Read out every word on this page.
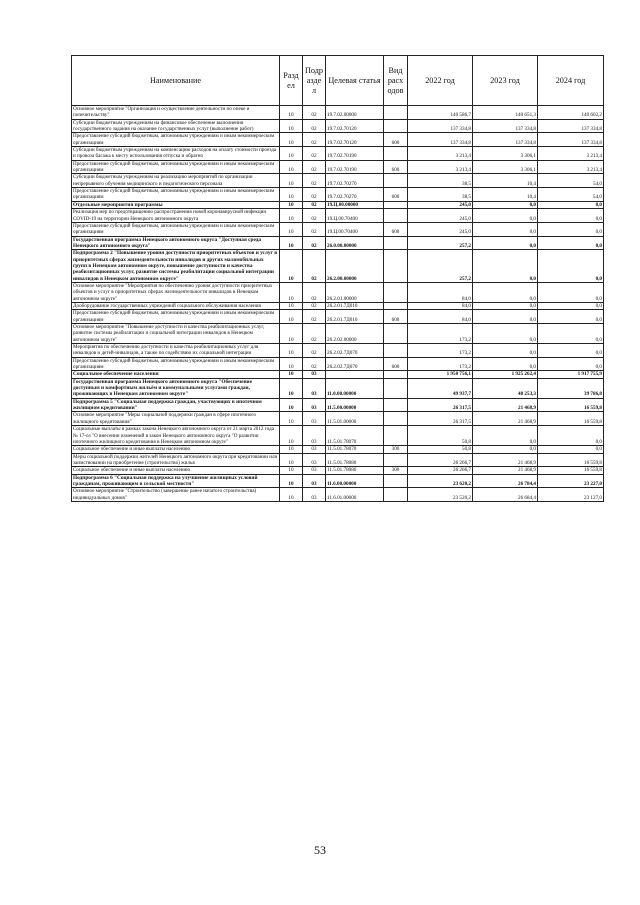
Наименование	Разд ел	Подр азде л	Целевая статья	Вид расх одов	2022 год	2023 год	2024 год
Основное мероприятие "Организация и осуществление деятельности по опеке и попечительству"	10	02	19.7.02.00000		140 586,7	140 651,3	140 602,2
Субсидии бюджетным учреждениям на финансовое обеспечение выполнения государственного задания на оказание государственных услуг (выполнение работ)	10	02	19.7.02.70120		137 334,8	137 334,8	137 334,8
Предоставление субсидий бюджетным, автономным учреждениям и иным некоммерческим организациям	10	02	19.7.02.70120	600	137 334,8	137 334,8	137 334,8
Субсидии бюджетным учреждениям на компенсацию расходов на оплату стоимости проезда и провоза багажа к месту использования отпуска и обратно	10	02	19.7.02.70190		3 213,4	3 306,1	3 213,4
Предоставление субсидий бюджетным, автономным учреждениям и иным некоммерческим организациям	10	02	19.7.02.70190	600	3 213,4	3 306,1	3 213,4
Субсидии бюджетным учреждениям на реализацию мероприятий по организации непрерывного обучения медицинского и педагогического персонала	10	02	19.7.02.70270		38,5	10,4	54,0
Предоставление субсидий бюджетным, автономным учреждениям и иным некоммерческим организациям	10	02	19.7.02.70270	600	38,5	10,4	54,0
Отдельные мероприятия программы	10	02	19.Ц.00.00000		245,0	0,0	0,0
Реализация мер по предотвращению распространения новой коронавирусной инфекции COVID-19 на территории Ненецкого автономного округа	10	02	19.Ц.00.70400		245,0	0,0	0,0
Предоставление субсидий бюджетным, автономным учреждениям и иным некоммерческим организациям	10	02	19.Ц.00.70400	600	245,0	0,0	0,0
Государственная программа Ненецкого автономного округа "Доступная среда Ненецкого автономного округа"	10	02	26.0.00.00000		257,2	0,0	0,0
Подпрограмма 2 "Повышение уровня доступности приоритетных объектов и услуг в приоритетных сферах жизнедеятельности инвалидов и других маломобильных групп в Ненецком автономном округе, повышение доступности и качества реабилитационных услуг, развитие системы реабилитации социальной интеграции инвалидов в Ненецком автономном округе"	10	02	26.2.00.00000		257,2	0,0	0,0
Основное мероприятие "Мероприятия по обеспечению уровня доступности приоритетных объектов и услуг в приоритетных сферах жизнедеятельности инвалидов в Ненецком автономном округе"	10	02	26.2.01.00000		84,0	0,0	0,0
Дооборудование государственных учреждений социального обслуживания населения	10	02	26.2.01.7Д010		84,0	0,0	0,0
Предоставление субсидий бюджетным, автономным учреждениям и иным некоммерческим организациям	10	02	26.2.01.7Д010	600	84,0	0,0	0,0
Основное мероприятие "Повышение доступности и качества реабилитационных услуг, развитие системы реабилитации и социальной интеграции инвалидов в Ненецком автономном округе"	10	02	26.2.02.00000		173,2	0,0	0,0
Мероприятия по обеспечению доступности и качества реабилитационных услуг для инвалидов и детей-инвалидов, а также по содействию их социальной интеграции	10	02	26.2.02.7Д070		173,2	0,0	0,0
Предоставление субсидий бюджетным, автономным учреждениям и иным некоммерческим организациям	10	02	26.2.02.7Д070	600	173,2	0,0	0,0
Социальное обеспечение населения	10	03			1 950 756,1	1 925 262,4	1 917 755,9
Государственная программа Ненецкого автономного округа "Обеспечение доступным и комфортным жильём и коммунальными услугами граждан, проживающих в Ненецком автономном округе"	10	03	11.0.00.00000		49 937,7	48 253,3	39 786,8
Подпрограмма 5 "Социальная поддержка граждан, участвующих в ипотечном жилищном кредитовании"	10	03	11.5.00.00000		26 317,5	21 468,9	16 559,8
Основное мероприятие "Меры социальной поддержки граждан в сфере ипотечного жилищного кредитования"	10	03	11.5.01.00000		26 317,5	21 468,9	16 559,8
Социальные выплаты в рамках закона Ненецкого автономного округа от 21 марта 2012 года № 17-оз "О внесении изменений в закон Ненецкого автономного округа "О развитии ипотечного жилищного кредитования в Ненецком автономном округе"	10	03	11.5.01.78070		50,8	0,0	0,0
Социальное обеспечение и иные выплаты населению	10	03	11.5.01.78070	300	50,8	0,0	0,0
Меры социальной поддержки жителей Ненецкого автономного округа при кредитовании или заимствовании на приобретение (строительство) жилья	10	03	11.5.01.78080		26 266,7	21 468,9	16 559,8
Социальное обеспечение и иные выплаты населению	10	03	11.5.01.78080	300	26 266,7	21 468,9	16 559,8
Подпрограмма 6 "Социальная поддержка на улучшение жилищных условий гражданам, проживающим в сельской местности"	10	03	11.6.00.00000		23 620,2	26 784,4	23 227,0
Основное мероприятие "Строительство (завершение ранее начатого строительства) индивидуальных домов"	10	03	11.6.01.00000		23 520,2	26 684,4	23 127,0
53
